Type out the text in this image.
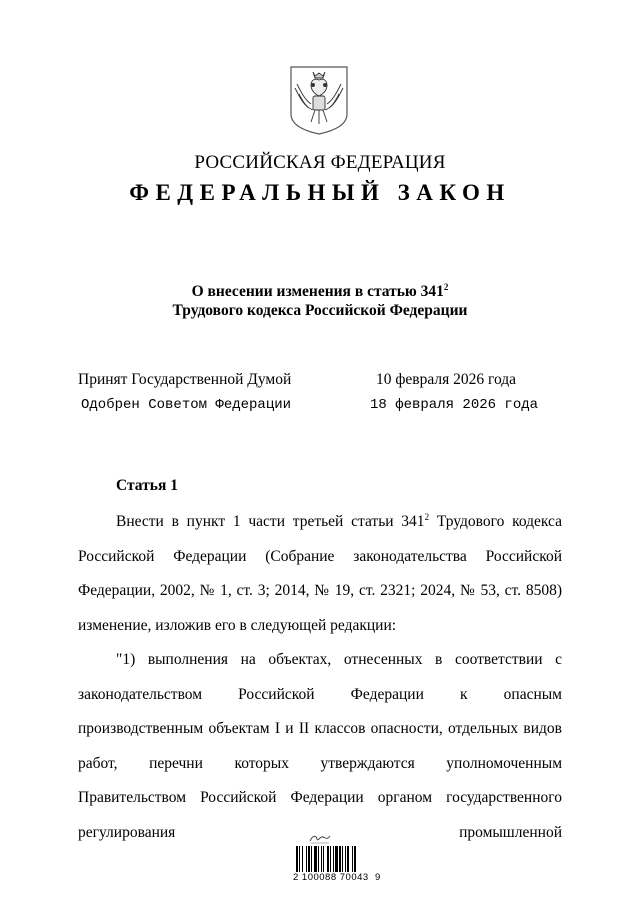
РОССИЙСКАЯ ФЕДЕРАЦИЯ
ФЕДЕРАЛЬНЫЙ ЗАКОН
О внесении изменения в статью $341^2$
Трудового кодекса Российской Федерации
Принят Государственной Думой	10 февраля 2026 года
Одобрен Советом Федерации	18 февраля 2026 года
Статья 1

Внести в пункт 1 части третьей статьи $341^2$ Трудового кодекса Российской Федерации (Собрание законодательства Российской Федерации, 2002, № 1, ст. 3; 2014, № 19, ст. 2321; 2024, № 53, ст. 8508) изменение, изложив его в следующей редакции:

"1) выполнения на объектах, отнесенных в соответствии с законодательством Российской Федерации к опасным производственным объектам I и II классов опасности, отдельных видов работ, перечни которых утверждаются уполномоченным Правительством Российской Федерации органом государственного регулирования промышленной

2 100088 70043  9
